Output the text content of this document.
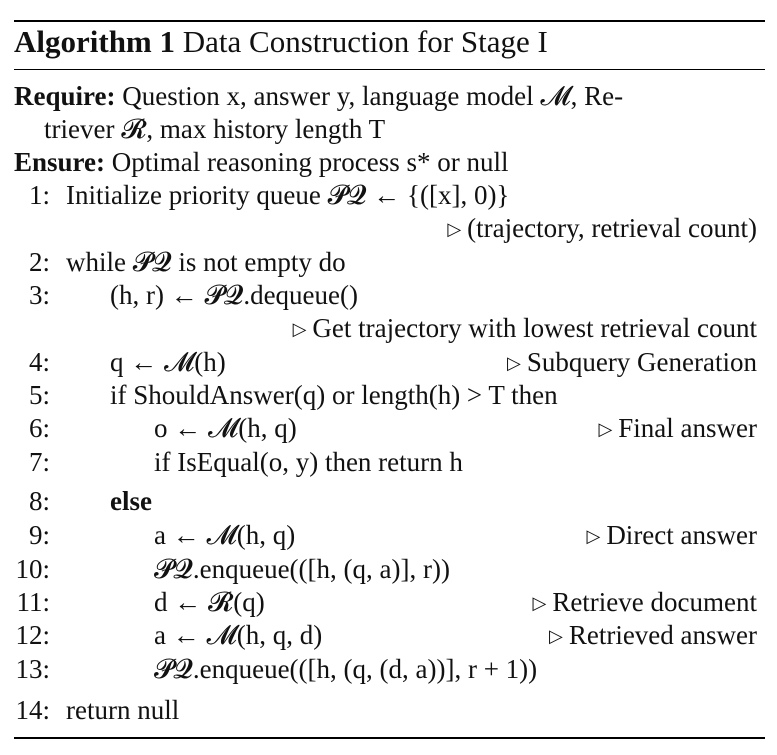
Algorithm 1 Data Construction for Stage I
Require: Question x, answer y, language model 𝓜, Re-
triever 𝓡, max history length T
Ensure: Optimal reasoning process s* or null
1: Initialize priority queue 𝓟𝓠 ← {([x], 0)}
▷ (trajectory, retrieval count)
2: while 𝓟𝓠 is not empty do
3: (h, r) ← 𝓟𝓠.dequeue()
▷ Get trajectory with lowest retrieval count
4: q ← 𝓜(h)	▷ Subquery Generation
5: if ShouldAnswer(q) or length(h) > T then
6:	o ← 𝓜(h, q)	▷ Final answer
7:	if IsEqual(o, y) then return h
8: else
9:	a ← 𝓜(h, q)	▷ Direct answer
10:	𝓟𝓠.enqueue(([h, (q, a)], r))
11:	d ← 𝓡(q)	▷ Retrieve document
12:	a ← 𝓜(h, q, d)	▷ Retrieved answer
13:	𝓟𝓠.enqueue(([h, (q, (d, a))], r + 1))
14: return null
